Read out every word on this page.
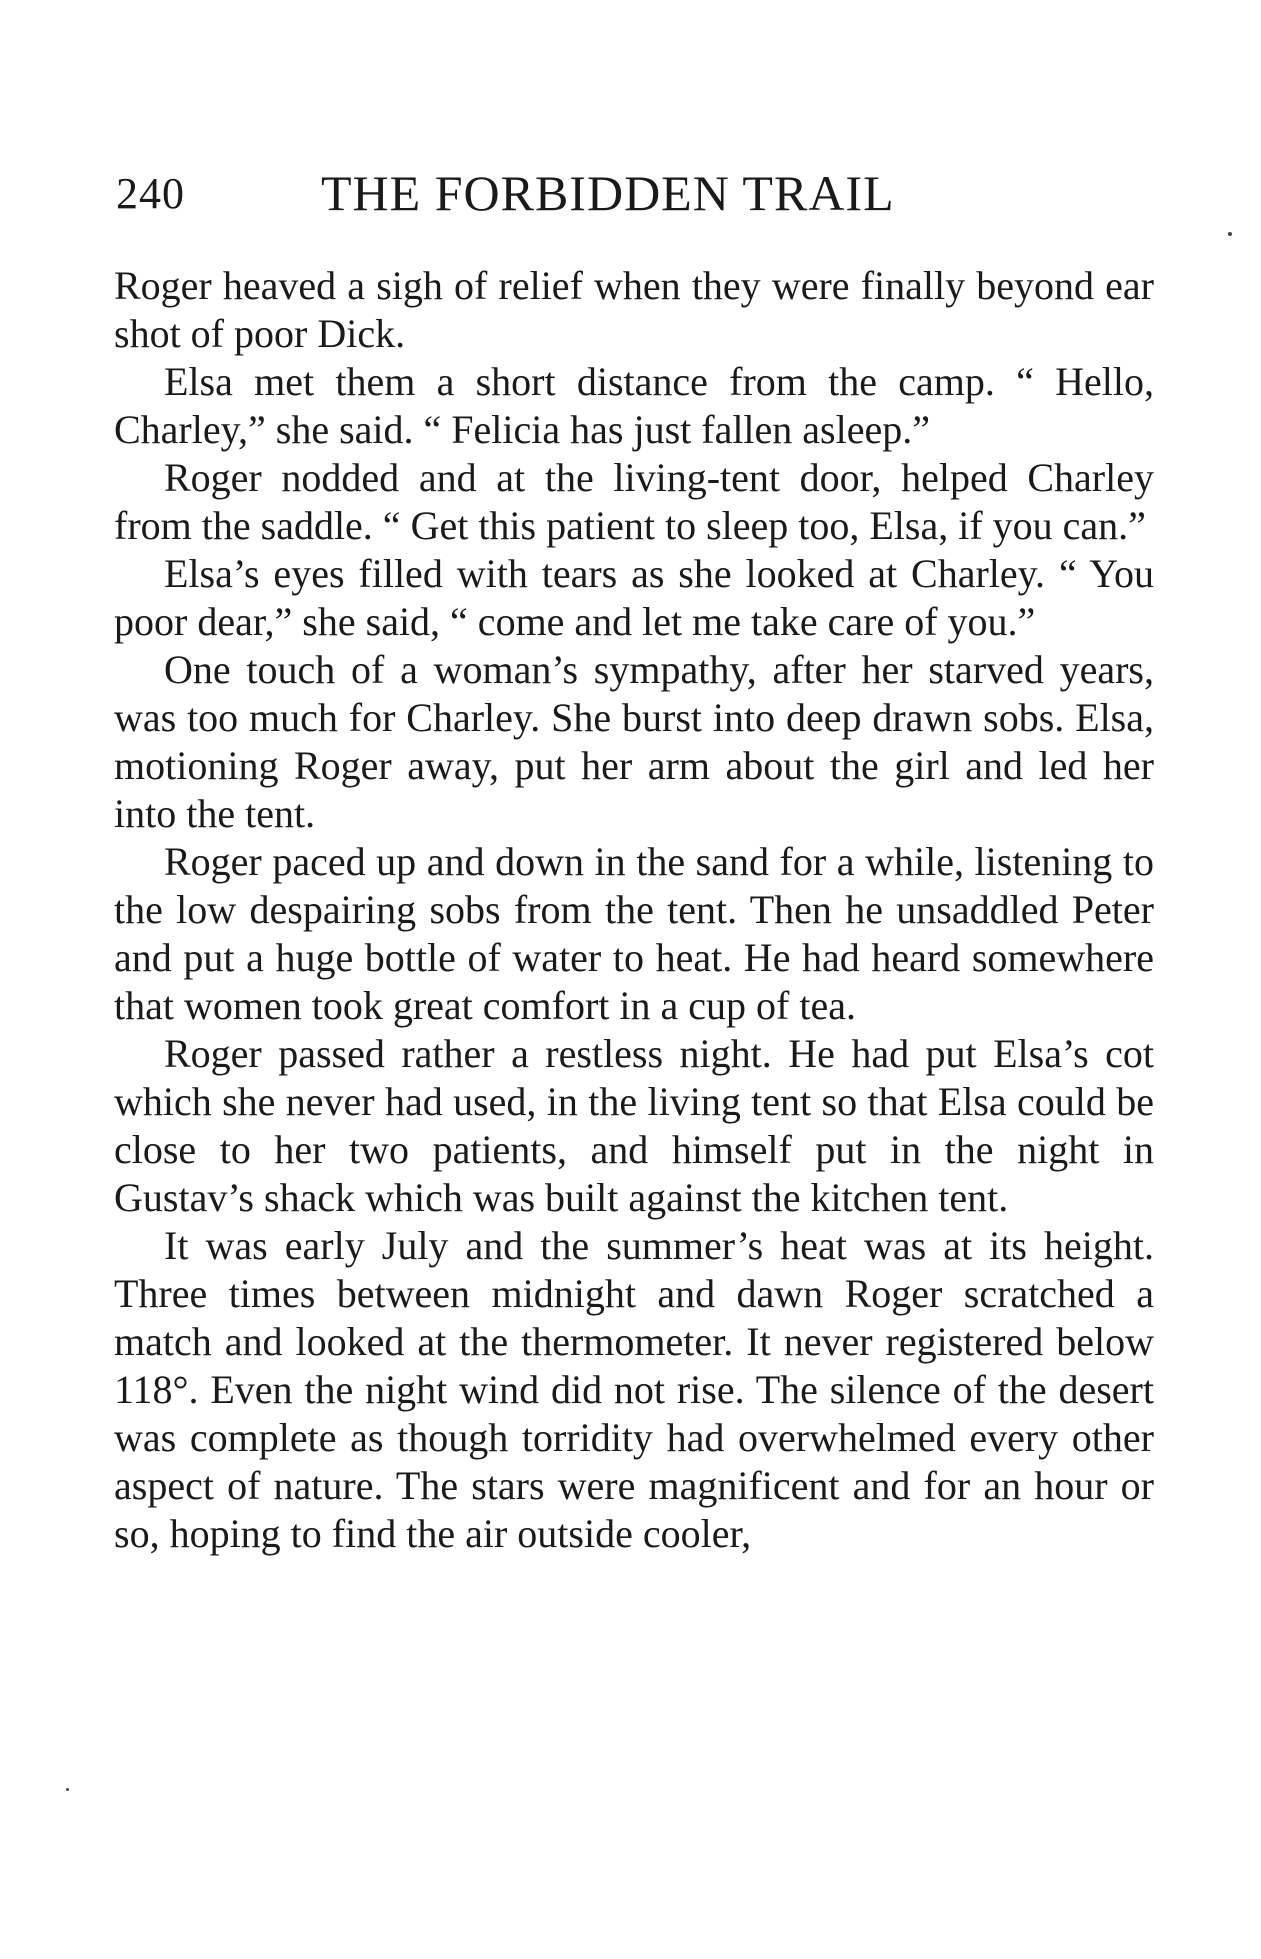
240	THE FORBIDDEN TRAIL

Roger heaved a sigh of relief when they were finally beyond ear shot of poor Dick.

Elsa met them a short distance from the camp. “ Hello, Charley,” she said. “ Felicia has just fallen asleep.”

Roger nodded and at the living-tent door, helped Charley from the saddle. “ Get this patient to sleep too, Elsa, if you can.”

Elsa’s eyes filled with tears as she looked at Charley. “ You poor dear,” she said, “ come and let me take care of you.”

One touch of a woman’s sympathy, after her starved years, was too much for Charley. She burst into deep drawn sobs. Elsa, motioning Roger away, put her arm about the girl and led her into the tent.

Roger paced up and down in the sand for a while, listening to the low despairing sobs from the tent. Then he unsaddled Peter and put a huge bottle of water to heat. He had heard somewhere that women took great comfort in a cup of tea.

Roger passed rather a restless night. He had put Elsa’s cot which she never had used, in the living tent so that Elsa could be close to her two patients, and himself put in the night in Gustav’s shack which was built against the kitchen tent.

It was early July and the summer’s heat was at its height. Three times between midnight and dawn Roger scratched a match and looked at the thermometer. It never registered below 118°. Even the night wind did not rise. The silence of the desert was complete as though torridity had overwhelmed every other aspect of nature. The stars were magnificent and for an hour or so, hoping to find the air outside cooler,
